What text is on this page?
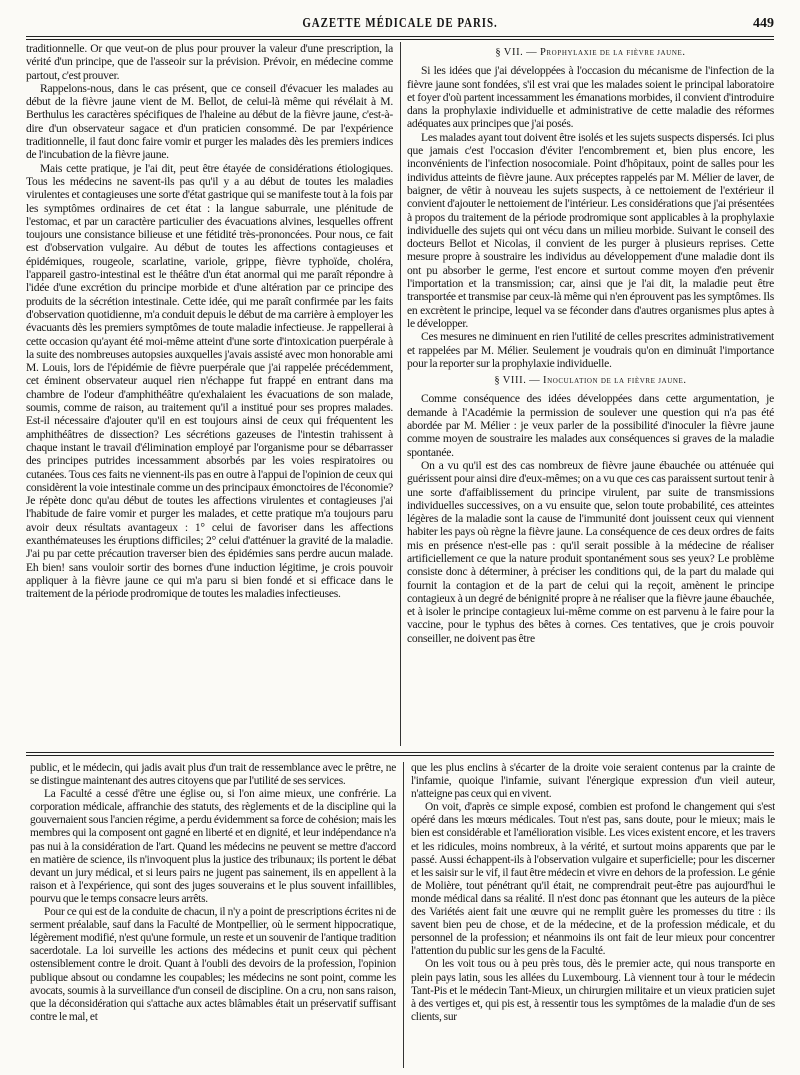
GAZETTE MÉDICALE DE PARIS.	449

traditionnelle. Or que veut-on de plus pour prouver la valeur d'une prescription, la vérité d'un principe, que de l'asseoir sur la prévision. Prévoir, en médecine comme partout, c'est prouver.

Rappelons-nous, dans le cas présent, que ce conseil d'évacuer les malades au début de la fièvre jaune vient de M. Bellot, de celui-là même qui révélait à M. Berthulus les caractères spécifiques de l'haleine au début de la fièvre jaune, c'est-à-dire d'un observateur sagace et d'un praticien consommé. De par l'expérience traditionnelle, il faut donc faire vomir et purger les malades dès les premiers indices de l'incubation de la fièvre jaune.

Mais cette pratique, je l'ai dit, peut être étayée de considérations étiologiques. Tous les médecins ne savent-ils pas qu'il y a au début de toutes les maladies virulentes et contagieuses une sorte d'état gastrique qui se manifeste tout à la fois par les symptômes ordinaires de cet état : la langue saburrale, une plénitude de l'estomac, et par un caractère particulier des évacuations alvines, lesquelles offrent toujours une consistance bilieuse et une fétidité très-prononcées. Pour nous, ce fait est d'observation vulgaire. Au début de toutes les affections contagieuses et épidémiques, rougeole, scarlatine, variole, grippe, fièvre typhoïde, choléra, l'appareil gastro-intestinal est le théâtre d'un état anormal qui me paraît répondre à l'idée d'une excrétion du principe morbide et d'une altération par ce principe des produits de la sécrétion intestinale. Cette idée, qui me paraît confirmée par les faits d'observation quotidienne, m'a conduit depuis le début de ma carrière à employer les évacuants dès les premiers symptômes de toute maladie infectieuse. Je rappellerai à cette occasion qu'ayant été moi-même atteint d'une sorte d'intoxication puerpérale à la suite des nombreuses autopsies auxquelles j'avais assisté avec mon honorable ami M. Louis, lors de l'épidémie de fièvre puerpérale que j'ai rappelée précédemment, cet éminent observateur auquel rien n'échappe fut frappé en entrant dans ma chambre de l'odeur d'amphithéâtre qu'exhalaient les évacuations de son malade, soumis, comme de raison, au traitement qu'il a institué pour ses propres malades. Est-il nécessaire d'ajouter qu'il en est toujours ainsi de ceux qui fréquentent les amphithéâtres de dissection? Les sécrétions gazeuses de l'intestin trahissent à chaque instant le travail d'élimination employé par l'organisme pour se débarrasser des principes putrides incessamment absorbés par les voies respiratoires ou cutanées. Tous ces faits ne viennent-ils pas en outre à l'appui de l'opinion de ceux qui considèrent la voie intestinale comme un des principaux émonctoires de l'économie? Je répète donc qu'au début de toutes les affections virulentes et contagieuses j'ai l'habitude de faire vomir et purger les malades, et cette pratique m'a toujours paru avoir deux résultats avantageux : 1° celui de favoriser dans les affections exanthémateuses les éruptions difficiles; 2° celui d'atténuer la gravité de la maladie. J'ai pu par cette précaution traverser bien des épidémies sans perdre aucun malade. Eh bien! sans vouloir sortir des bornes d'une induction légitime, je crois pouvoir appliquer à la fièvre jaune ce qui m'a paru si bien fondé et si efficace dans le traitement de la période prodromique de toutes les maladies infectieuses.

§ VII. — Prophylaxie de la fièvre jaune.

Si les idées que j'ai développées à l'occasion du mécanisme de l'infection de la fièvre jaune sont fondées, s'il est vrai que les malades soient le principal laboratoire et foyer d'où partent incessamment les émanations morbides, il convient d'introduire dans la prophylaxie individuelle et administrative de cette maladie des réformes adéquates aux principes que j'ai posés.

Les malades ayant tout doivent être isolés et les sujets suspects dispersés. Ici plus que jamais c'est l'occasion d'éviter l'encombrement et, bien plus encore, les inconvénients de l'infection nosocomiale. Point d'hôpitaux, point de salles pour les individus atteints de fièvre jaune. Aux préceptes rappelés par M. Mélier de laver, de baigner, de vêtir à nouveau les sujets suspects, à ce nettoiement de l'extérieur il convient d'ajouter le nettoiement de l'intérieur. Les considérations que j'ai présentées à propos du traitement de la période prodromique sont applicables à la prophylaxie individuelle des sujets qui ont vécu dans un milieu morbide. Suivant le conseil des docteurs Bellot et Nicolas, il convient de les purger à plusieurs reprises. Cette mesure propre à soustraire les individus au développement d'une maladie dont ils ont pu absorber le germe, l'est encore et surtout comme moyen d'en prévenir l'importation et la transmission; car, ainsi que je l'ai dit, la maladie peut être transportée et transmise par ceux-là même qui n'en éprouvent pas les symptômes. Ils en excrètent le principe, lequel va se féconder dans d'autres organismes plus aptes à le développer.

Ces mesures ne diminuent en rien l'utilité de celles prescrites administrativement et rappelées par M. Mélier. Seulement je voudrais qu'on en diminuât l'importance pour la reporter sur la prophylaxie individuelle.

§ VIII. — Inoculation de la fièvre jaune.

Comme conséquence des idées développées dans cette argumentation, je demande à l'Académie la permission de soulever une question qui n'a pas été abordée par M. Mélier : je veux parler de la possibilité d'inoculer la fièvre jaune comme moyen de soustraire les malades aux conséquences si graves de la maladie spontanée.

On a vu qu'il est des cas nombreux de fièvre jaune ébauchée ou atténuée qui guérissent pour ainsi dire d'eux-mêmes; on a vu que ces cas paraissent surtout tenir à une sorte d'affaiblissement du principe virulent, par suite de transmissions individuelles successives, on a vu ensuite que, selon toute probabilité, ces atteintes légères de la maladie sont la cause de l'immunité dont jouissent ceux qui viennent habiter les pays où règne la fièvre jaune. La conséquence de ces deux ordres de faits mis en présence n'est-elle pas : qu'il serait possible à la médecine de réaliser artificiellement ce que la nature produit spontanément sous ses yeux? Le problème consiste donc à déterminer, à préciser les conditions qui, de la part du malade qui fournit la contagion et de la part de celui qui la reçoit, amènent le principe contagieux à un degré de bénignité propre à ne réaliser que la fièvre jaune ébauchée, et à isoler le principe contagieux lui-même comme on est parvenu à le faire pour la vaccine, pour le typhus des bêtes à cornes. Ces tentatives, que je crois pouvoir conseiller, ne doivent pas être

public, et le médecin, qui jadis avait plus d'un trait de ressemblance avec le prêtre, ne se distingue maintenant des autres citoyens que par l'utilité de ses services.

La Faculté a cessé d'être une église ou, si l'on aime mieux, une confrérie. La corporation médicale, affranchie des statuts, des règlements et de la discipline qui la gouvernaient sous l'ancien régime, a perdu évidemment sa force de cohésion; mais les membres qui la composent ont gagné en liberté et en dignité, et leur indépendance n'a pas nui à la considération de l'art. Quand les médecins ne peuvent se mettre d'accord en matière de science, ils n'invoquent plus la justice des tribunaux; ils portent le débat devant un jury médical, et si leurs pairs ne jugent pas sainement, ils en appellent à la raison et à l'expérience, qui sont des juges souverains et le plus souvent infaillibles, pourvu que le temps consacre leurs arrêts.

Pour ce qui est de la conduite de chacun, il n'y a point de prescriptions écrites ni de serment préalable, sauf dans la Faculté de Montpellier, où le serment hippocratique, légèrement modifié, n'est qu'une formule, un reste et un souvenir de l'antique tradition sacerdotale. La loi surveille les actions des médecins et punit ceux qui pèchent ostensiblement contre le droit. Quant à l'oubli des devoirs de la profession, l'opinion publique absout ou condamne les coupables; les médecins ne sont point, comme les avocats, soumis à la surveillance d'un conseil de discipline. On a cru, non sans raison, que la déconsidération qui s'attache aux actes blâmables était un préservatif suffisant contre le mal, et

que les plus enclins à s'écarter de la droite voie seraient contenus par la crainte de l'infamie, quoique l'infamie, suivant l'énergique expression d'un vieil auteur, n'atteigne pas ceux qui en vivent.

On voit, d'après ce simple exposé, combien est profond le changement qui s'est opéré dans les mœurs médicales. Tout n'est pas, sans doute, pour le mieux; mais le bien est considérable et l'amélioration visible. Les vices existent encore, et les travers et les ridicules, moins nombreux, à la vérité, et surtout moins apparents que par le passé. Aussi échappent-ils à l'observation vulgaire et superficielle; pour les discerner et les saisir sur le vif, il faut être médecin et vivre en dehors de la profession. Le génie de Molière, tout pénétrant qu'il était, ne comprendrait peut-être pas aujourd'hui le monde médical dans sa réalité. Il n'est donc pas étonnant que les auteurs de la pièce des Variétés aient fait une œuvre qui ne remplit guère les promesses du titre : ils savent bien peu de chose, et de la médecine, et de la profession médicale, et du personnel de la profession; et néanmoins ils ont fait de leur mieux pour concentrer l'attention du public sur les gens de la Faculté.

On les voit tous ou à peu près tous, dès le premier acte, qui nous transporte en plein pays latin, sous les allées du Luxembourg. Là viennent tour à tour le médecin Tant-Pis et le médecin Tant-Mieux, un chirurgien militaire et un vieux praticien sujet à des vertiges et, qui pis est, à ressentir tous les symptômes de la maladie d'un de ses clients, sur
